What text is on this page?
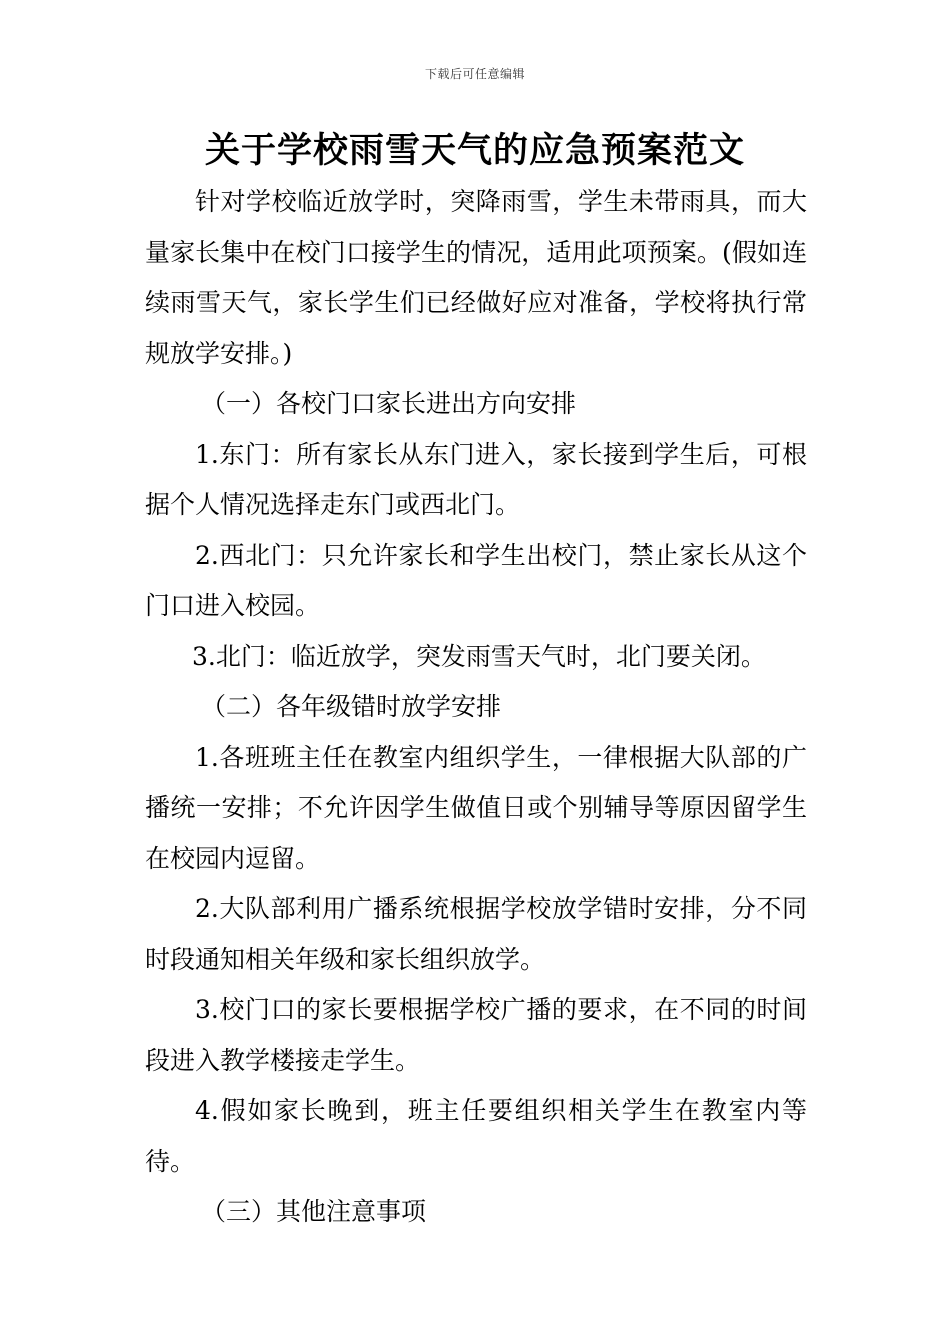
下载后可任意编辑
关于学校雨雪天气的应急预案范文

针对学校临近放学时，突降雨雪，学生未带雨具，而大量家长集中在校门口接学生的情况，适用此项预案。(假如连续雨雪天气，家长学生们已经做好应对准备，学校将执行常规放学安排。)

（一）各校门口家长进出方向安排

1.东门：所有家长从东门进入，家长接到学生后，可根据个人情况选择走东门或西北门。

2.西北门：只允许家长和学生出校门，禁止家长从这个门口进入校园。

3.北门：临近放学，突发雨雪天气时，北门要关闭。

（二）各年级错时放学安排

1.各班班主任在教室内组织学生，一律根据大队部的广播统一安排；不允许因学生做值日或个别辅导等原因留学生在校园内逗留。

2.大队部利用广播系统根据学校放学错时安排，分不同时段通知相关年级和家长组织放学。

3.校门口的家长要根据学校广播的要求，在不同的时间段进入教学楼接走学生。

4.假如家长晚到，班主任要组织相关学生在教室内等待。

（三）其他注意事项
